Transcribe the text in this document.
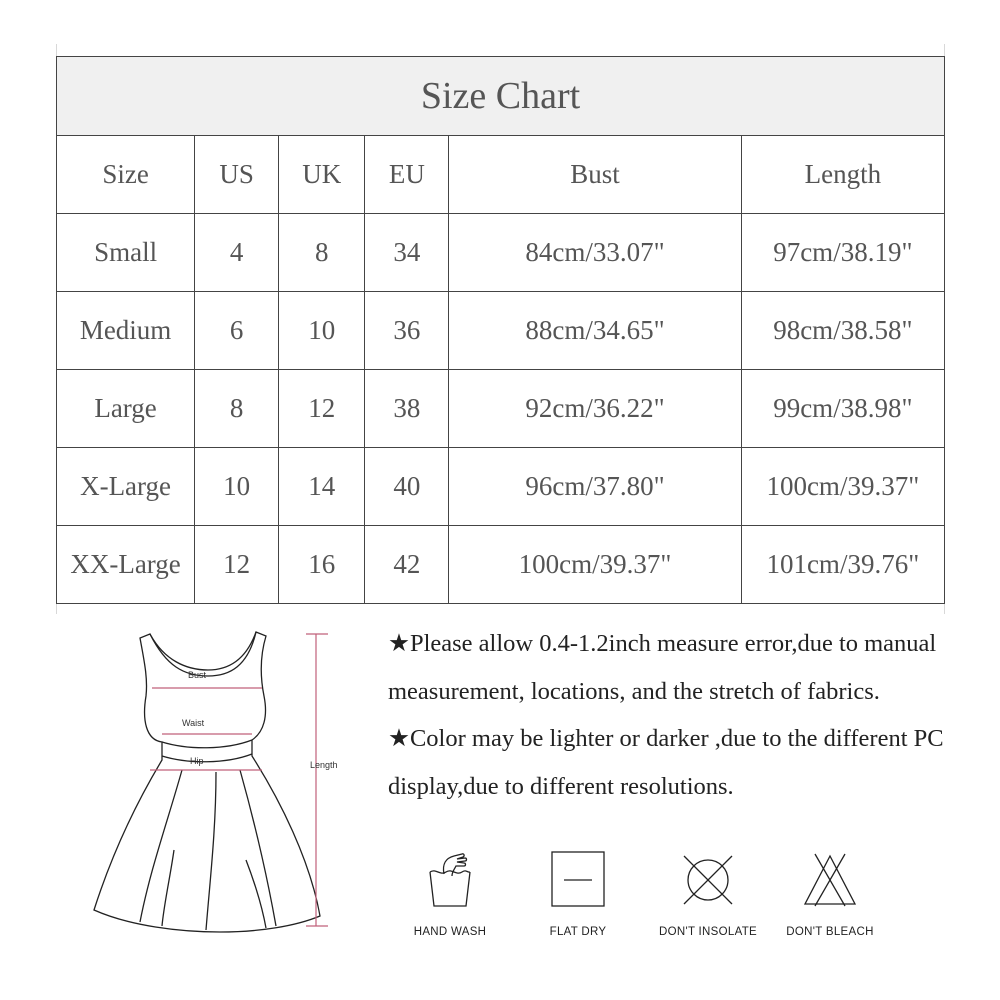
Size Chart					
Size	US	UK	EU	Bust	Length
Small	4	8	34	84cm/33.07"	97cm/38.19"
Medium	6	10	36	88cm/34.65"	98cm/38.58"
Large	8	12	38	92cm/36.22"	99cm/38.98"
X-Large	10	14	40	96cm/37.80"	100cm/39.37"
XX-Large	12	16	42	100cm/39.37"	101cm/39.76"
Bust
Waist
Hip	Length

★Please allow 0.4-1.2inch measure error,due to manual measurement, locations, and the stretch of fabrics.

★Color may be lighter or darker ,due to the different PC display,due to different resolutions.

HAND WASH	FLAT DRY	DON'T INSOLATE	DON'T BLEACH
